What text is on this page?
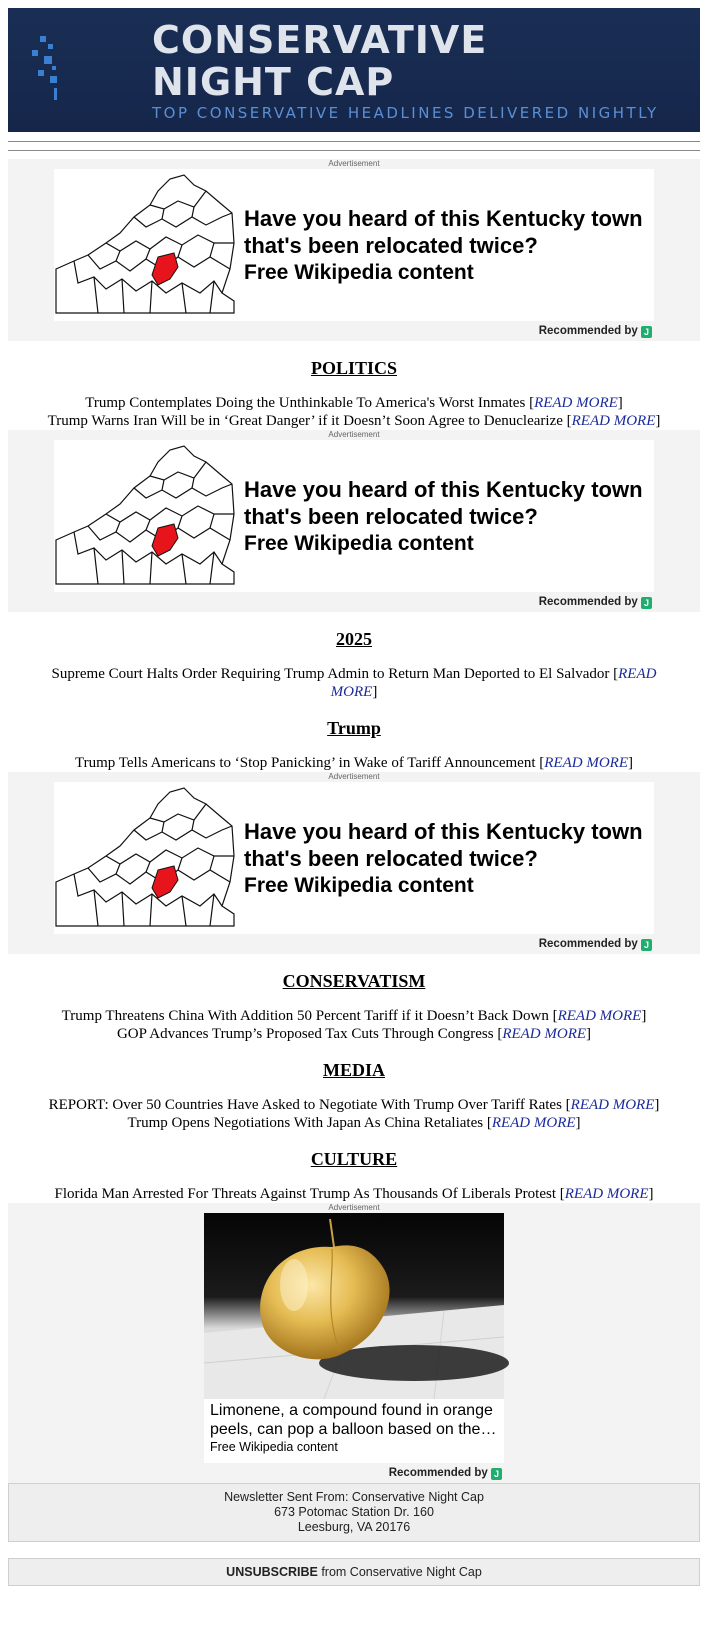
CONSERVATIVE
NIGHT CAP
TOP CONSERVATIVE HEADLINES DELIVERED NIGHTLY
Advertisement
Have you heard of this Kentucky town that's been relocated twice?
Free Wikipedia content
Recommended by J
POLITICS
Trump Contemplates Doing the Unthinkable To America's Worst Inmates [READ MORE]
Trump Warns Iran Will be in ‘Great Danger’ if it Doesn’t Soon Agree to Denuclearize [READ MORE]
Advertisement
Have you heard of this Kentucky town that's been relocated twice?
Free Wikipedia content
Recommended by J
2025
Supreme Court Halts Order Requiring Trump Admin to Return Man Deported to El Salvador [READ MORE]
Trump
Trump Tells Americans to ‘Stop Panicking’ in Wake of Tariff Announcement [READ MORE]
Advertisement
Have you heard of this Kentucky town that's been relocated twice?
Free Wikipedia content
Recommended by J
CONSERVATISM
Trump Threatens China With Addition 50 Percent Tariff if it Doesn’t Back Down [READ MORE]
GOP Advances Trump’s Proposed Tax Cuts Through Congress [READ MORE]
MEDIA
REPORT: Over 50 Countries Have Asked to Negotiate With Trump Over Tariff Rates [READ MORE]
Trump Opens Negotiations With Japan As China Retaliates [READ MORE]
CULTURE
Florida Man Arrested For Threats Against Trump As Thousands Of Liberals Protest [READ MORE]
Advertisement
Limonene, a compound found in orange peels, can pop a balloon based on the…
Free Wikipedia content
Recommended by J
Newsletter Sent From: Conservative Night Cap
673 Potomac Station Dr. 160
Leesburg, VA 20176
UNSUBSCRIBE from Conservative Night Cap
